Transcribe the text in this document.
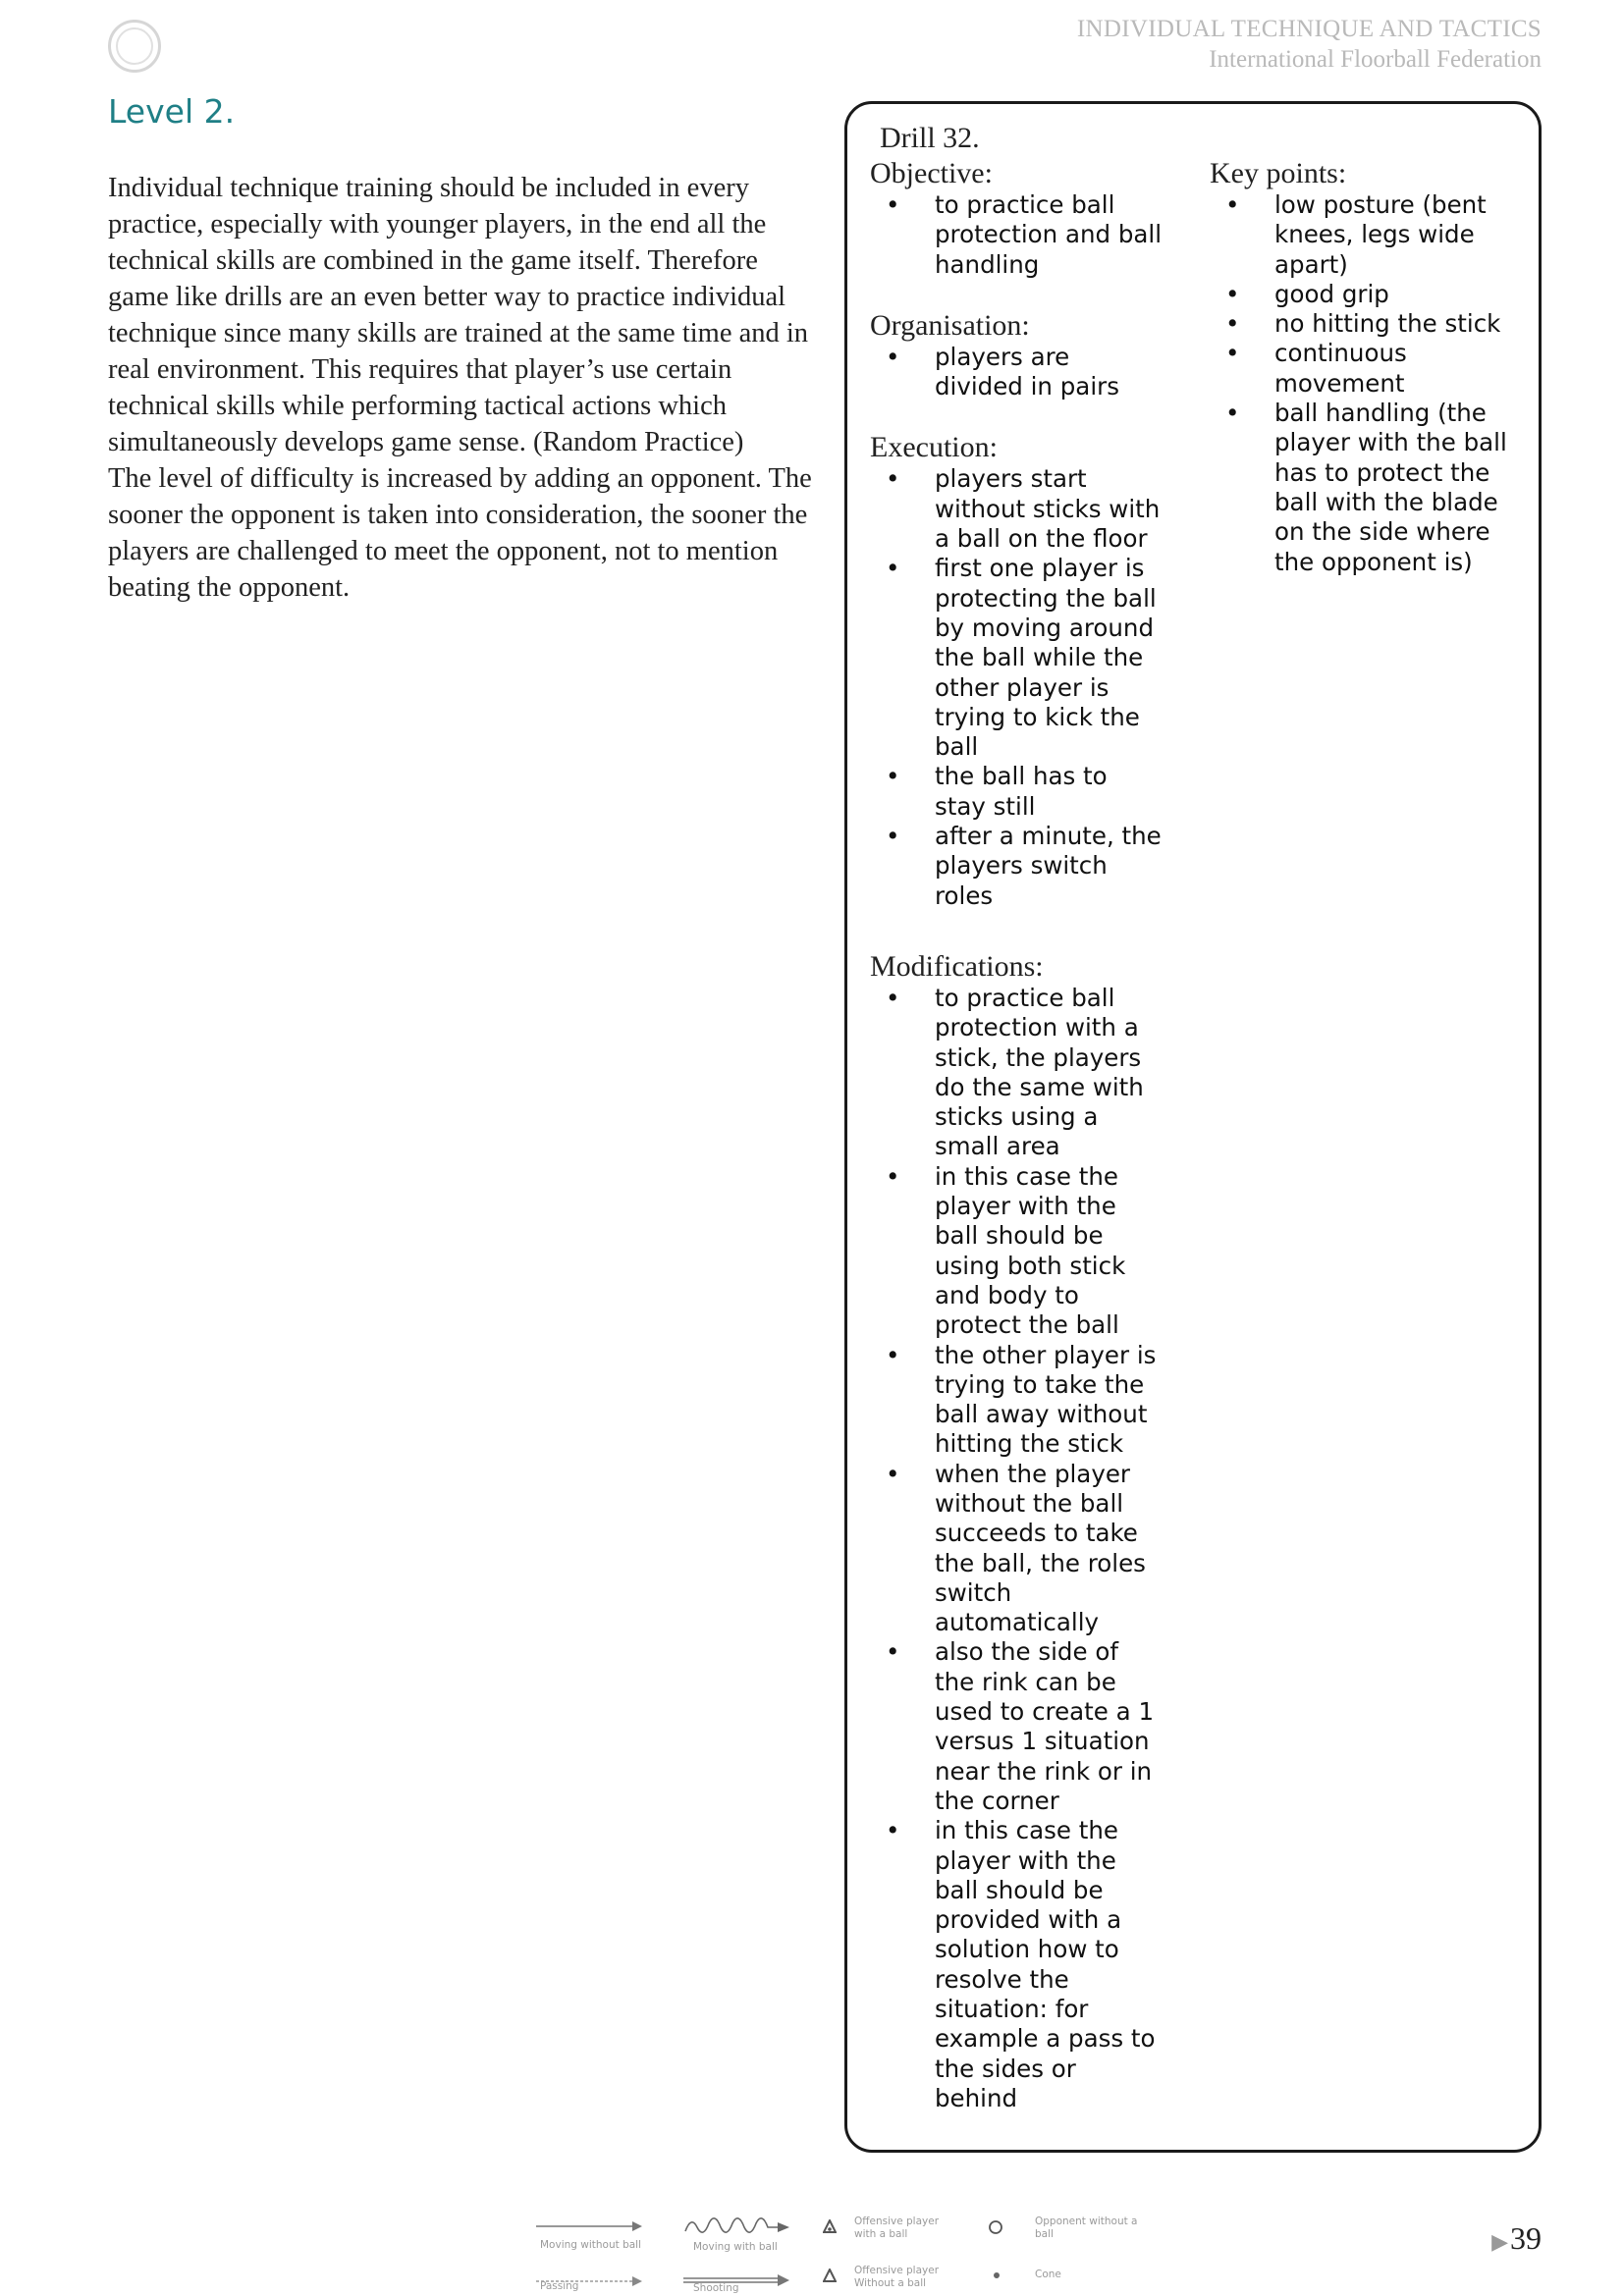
INDIVIDUAL TECHNIQUE AND TACTICS
International Floorball Federation
Level 2.

Individual technique training should be included in every practice, especially with younger players, in the end all the technical skills are combined in the game itself. Therefore game like drills are an even better way to practice individual technique since many skills are trained at the same time and in real environment. This requires that player’s use certain technical skills while performing tactical actions which simultaneously develops game sense. (Random Practice)

The level of difficulty is increased by adding an opponent. The sooner the opponent is taken into consideration, the sooner the players are challenged to meet the opponent, not to mention beating the opponent.

Drill 32.
Objective:
• to practice ball protection and ball handling
Organisation:
• players are divided in pairs
Execution:
• players start without sticks with a ball on the floor
• first one player is protecting the ball by moving around the ball while the other player is trying to kick the ball
• the ball has to stay still
• after a minute, the players switch roles
Modifications:
• to practice ball protection with a stick, the players do the same with sticks using a small area
• in this case the player with the ball should be using both stick and body to protect the ball
• the other player is trying to take the ball away without hitting the stick
• when the player without the ball succeeds to take the ball, the roles switch automatically
• also the side of the rink can be used to create a 1 versus 1 situation near the rink or in the corner
• in this case the player with the ball should be provided with a solution how to resolve the situation: for example a pass to the sides or behind
Key points:
• low posture (bent knees, legs wide apart)
• good grip
• no hitting the stick
• continuous movement
• ball handling (the player with the ball has to protect the ball with the blade on the side where the opponent is)
Moving without ball
Passing
Moving with ball
Shooting
Offensive player with a ball
Offensive player Without a ball
Opponent without a ball
Cone
▶39
